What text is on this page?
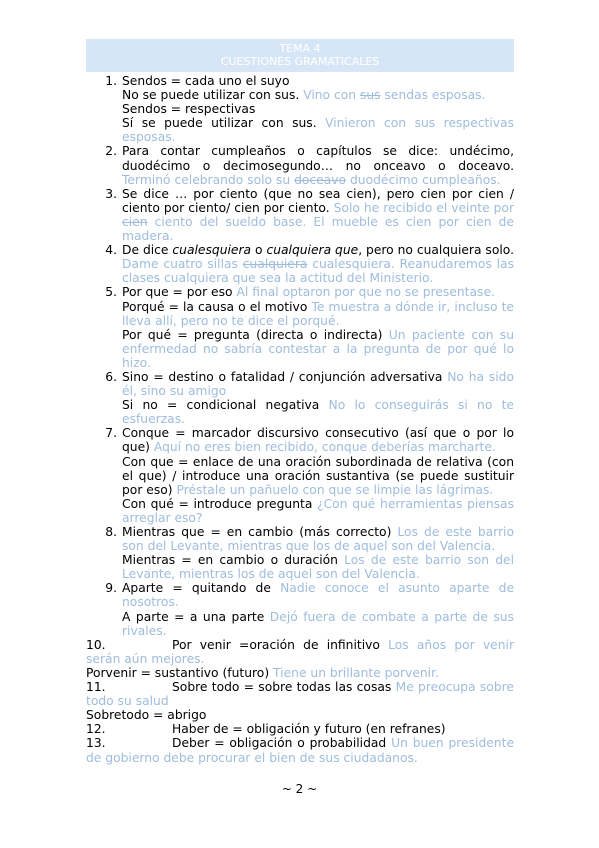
TEMA 4
CUESTIONES GRAMATICALES
1. Sendos = cada uno el suyo
No se puede utilizar con sus. Vino con sus sendas esposas.
Sendos = respectivas
Sí se puede utilizar con sus. Vinieron con sus respectivas esposas.
2. Para contar cumpleaños o capítulos se dice: undécimo, duodécimo o decimosegundo… no onceavo o doceavo. Terminó celebrando solo su doceavo duodécimo cumpleaños.
3. Se dice … por ciento (que no sea cien), pero cien por cien / ciento por ciento/ cien por ciento. Solo he recibido el veinte por cien ciento del sueldo base. El mueble es cien por cien de madera.
4. De dice cualesquiera o cualquiera que, pero no cualquiera solo. Dame cuatro sillas cualquiera cualesquiera. Reanudaremos las clases cualquiera que sea la actitud del Ministerio.
5. Por que = por eso Al final optaron por que no se presentase.
Porqué = la causa o el motivo Te muestra a dónde ir, incluso te lleva allí, pero no te dice el porqué.
Por qué = pregunta (directa o indirecta) Un paciente con su enfermedad no sabría contestar a la pregunta de por qué lo hizo.
6. Sino = destino o fatalidad / conjunción adversativa No ha sido él, sino su amigo
Si no = condicional negativa No lo conseguirás si no te esfuerzas.
7. Conque = marcador discursivo consecutivo (así que o por lo que) Aquí no eres bien recibido, conque deberías marcharte.
Con que = enlace de una oración subordinada de relativa (con el que) / introduce una oración sustantiva (se puede sustituir por eso) Préstale un pañuelo con que se limpie las lágrimas.
Con qué = introduce pregunta ¿Con qué herramientas piensas arreglar eso?
8. Mientras que = en cambio (más correcto) Los de este barrio son del Levante, mientras que los de aquel son del Valencia.
Mientras = en cambio o duración Los de este barrio son del Levante, mientras los de aquel son del Valencia.
9. Aparte = quitando de Nadie conoce el asunto aparte de nosotros.
A parte = a una parte Dejó fuera de combate a parte de sus rivales.
10.	Por venir =oración de infinitivo Los años por venir serán aún mejores.
Porvenir = sustantivo (futuro) Tiene un brillante porvenir.
11.	Sobre todo = sobre todas las cosas Me preocupa sobre todo su salud
Sobretodo = abrigo
12.	Haber de = obligación y futuro (en refranes)
13.	Deber = obligación o probabilidad Un buen presidente de gobierno debe procurar el bien de sus ciudadanos.
~ 2 ~
